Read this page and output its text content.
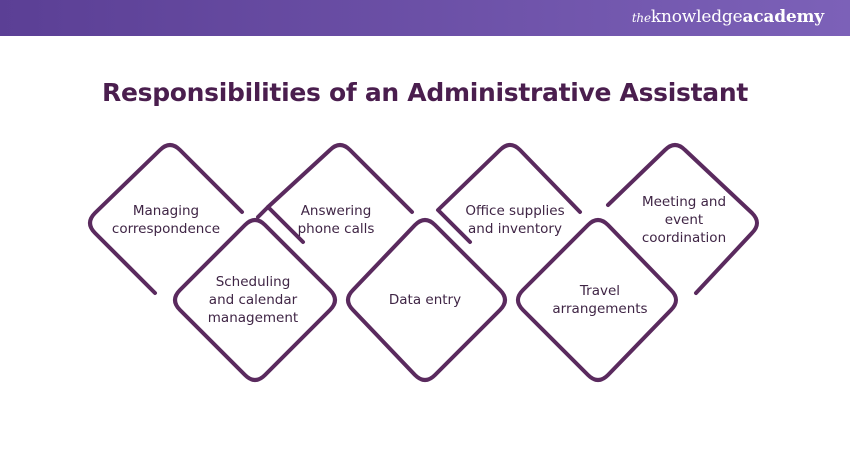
theknowledgeacademy
Responsibilities of an Administrative Assistant
Managing correspondence
Answering phone calls
Office supplies and inventory
Meeting and event coordination
Scheduling and calendar management
Data entry
Travel arrangements
